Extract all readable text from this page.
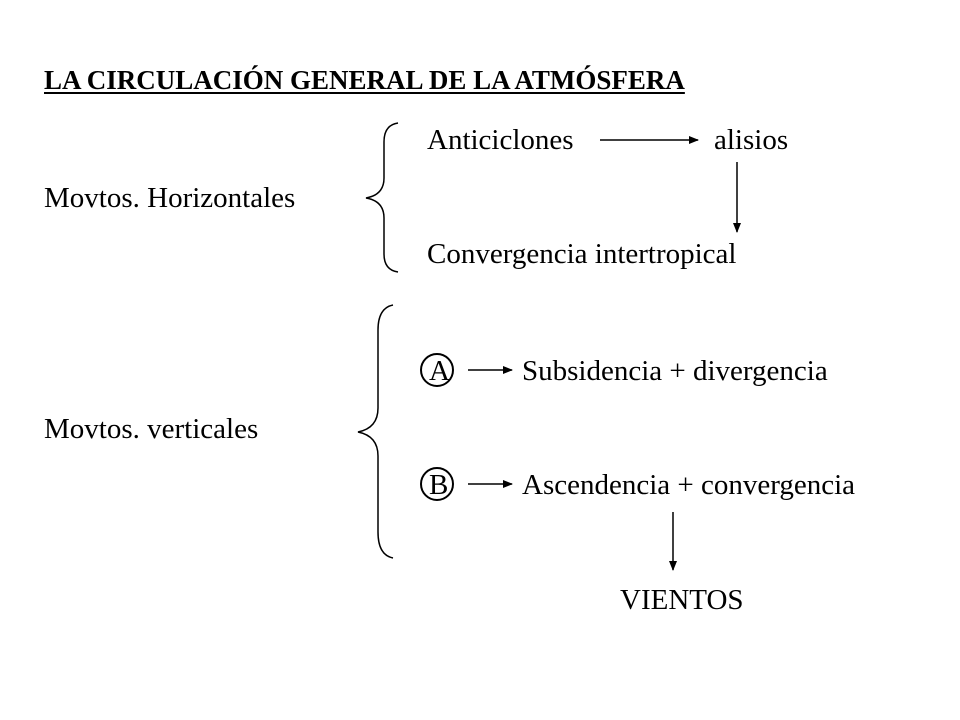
LA CIRCULACIÓN GENERAL DE LA ATMÓSFERA
Movtos. Horizontales
Anticiclones	alisios
Convergencia intertropical
Movtos. verticales
A Subsidencia + divergencia
B	Ascendencia + convergencia
VIENTOS
